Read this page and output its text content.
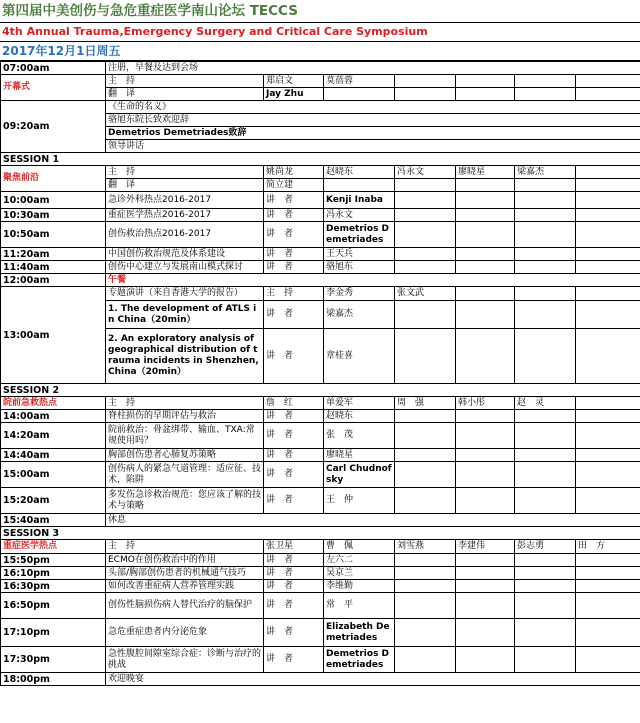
第四届中美创伤与急危重症医学南山论坛 TECCS
4th Annual Trauma,Emergency Surgery and Critical Care Symposium
2017年12月1日周五
07:00am	注册，早餐及达到会场						
开幕式	主　持	郑启文	莫蓓蓉				
	翻　译	Jay Zhu					
09:20am	《生命的名义》						
	骆旭东院长致欢迎辞						
	Demetrios Demetriades致辞						
	领导讲话						
SESSION 1							
聚焦前沿	主　持	姚尚龙	赵晓东	冯永文	廖晓星	梁嘉杰	
	翻　译	简立建					
10:00am	急诊外科热点2016-2017	讲　者	Kenji Inaba				
10:30am	重症医学热点2016-2017	讲　者	冯永文				
10:50am	创伤救治热点2016-2017	讲　者	Demetrios Demetriades				
11:20am	中国创伤救治规范及体系建设	讲　者	王天兵				
11:40am	创伤中心建立与发展南山模式探讨	讲　者	骆旭东				
12:00am	午餐						
13:00am	专题演讲（来自香港大学的报告）	主　持	李金秀	张文武			
	1. The development of ATLS in China（20min）	讲　者	梁嘉杰				
	2. An exploratory analysis of geographical distribution of trauma incidents in Shenzhen, China（20min）	讲　者	章桂喜				
SESSION 2							
院前急救热点	主　持	詹　红	单爱军	周　强	韩小彤	赵　灵	
14:00am	脊柱损伤的早期评估与救治	讲　者	赵晓东				
14:20am	院前救治：骨盆绑带、输血、TXA:常规使用吗？	讲　者	张　茂				
14:40am	胸部创伤患者心肺复苏策略	讲　者	廖晓星				
15:00am	创伤病人的紧急气道管理：适应征、技术，陷阱	讲　者	Carl Chudnofsky				
15:20am	多发伤急诊救治规范：您应该了解的技术与策略	讲　者	王　仲				
15:40am	休息						
SESSION 3							
重症医学热点	主　持	张卫星	曹　佩	刘雪燕	李建伟	彭志勇	田　方
15:50pm	ECMO在创伤救治中的作用	讲　者	左六二				
16:10pm	头部/胸部创伤患者的机械通气技巧	讲　者	吴京兰				
16:30pm	如何改善重症病人营养管理实践	讲　者	李维勤				
16:50pm	创伤性脑损伤病人替代治疗的脑保护	讲　者	常　平				
17:10pm	急危重症患者内分泌危象	讲　者	Elizabeth Demetriades				
17:30pm	急性腹腔间隙室综合症：诊断与治疗的挑战	讲　者	Demetrios Demetriades				
18:00pm	欢迎晚宴						
